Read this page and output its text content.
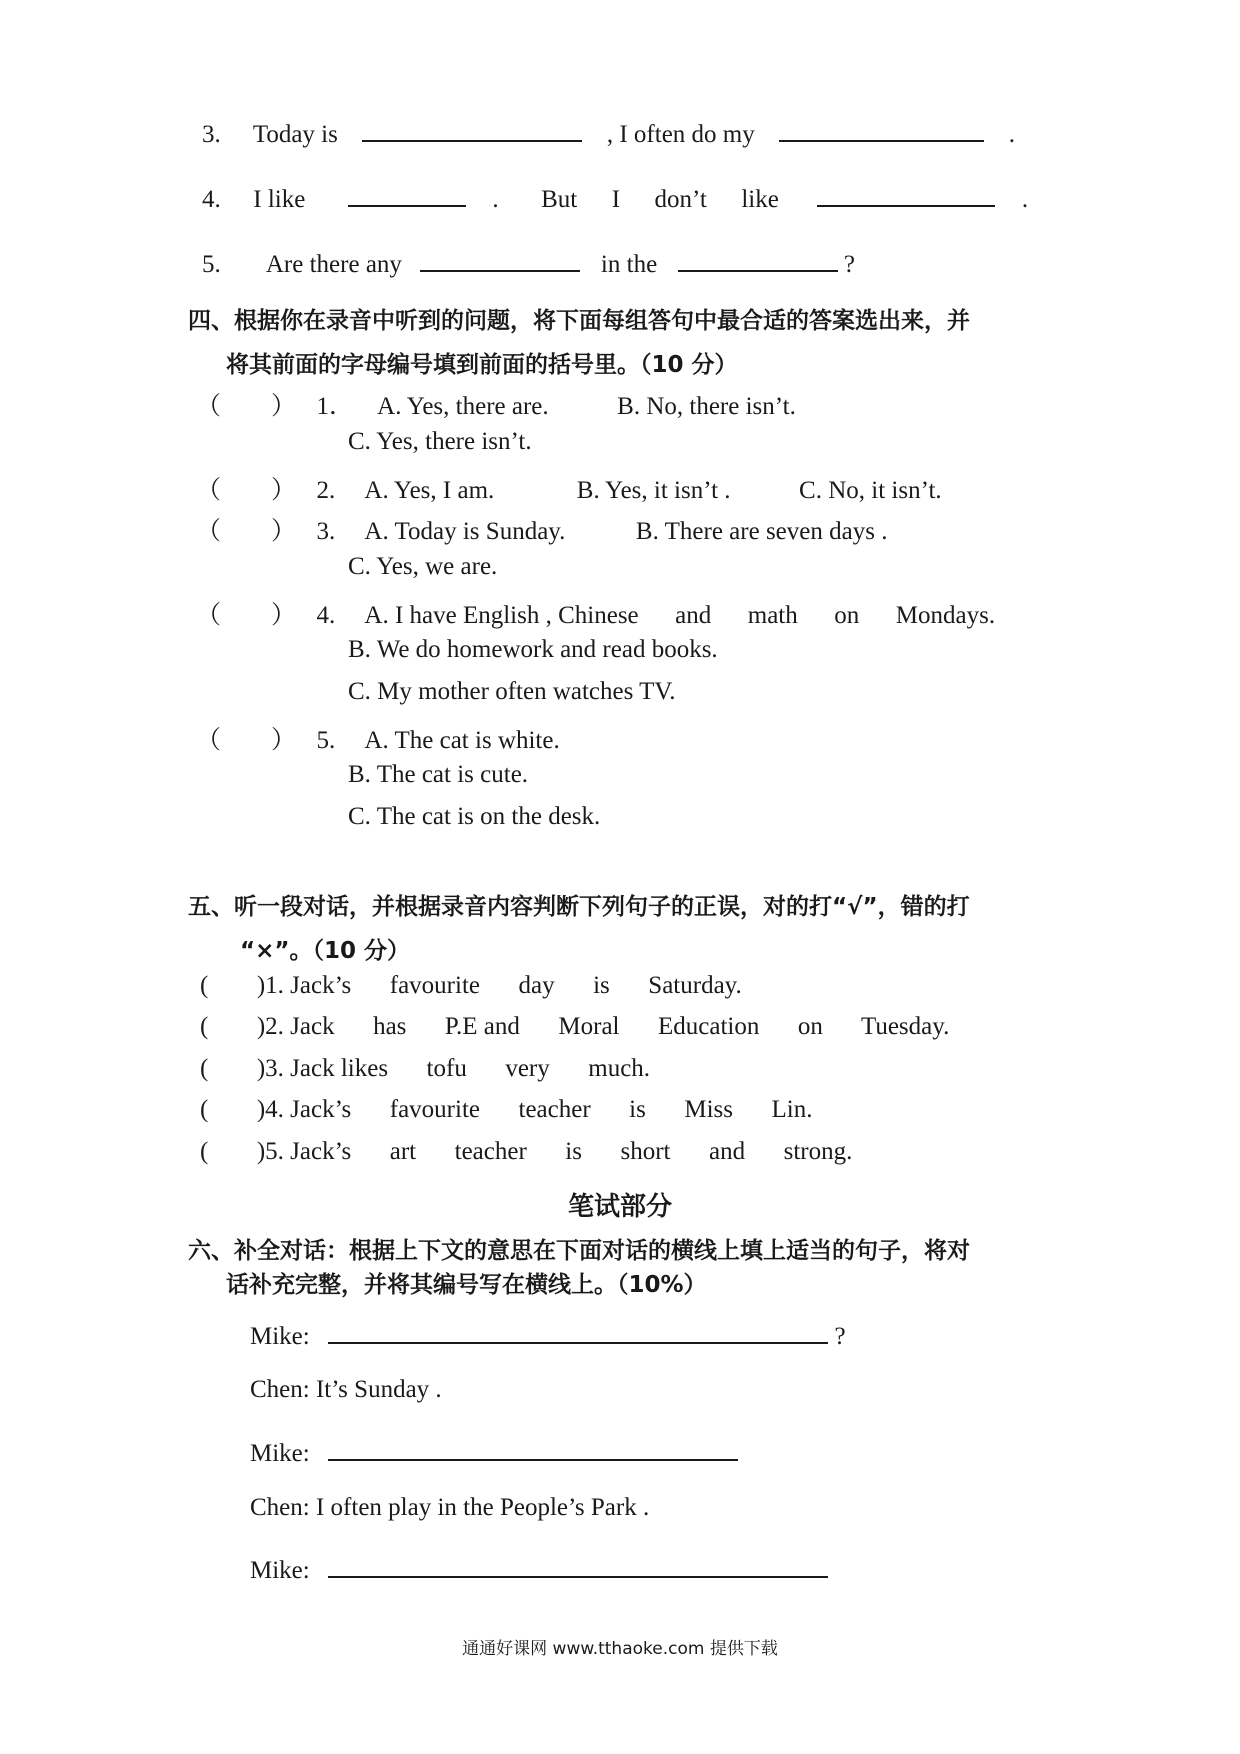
3. Today is	, I often do my	.
4. I like	. But I don’t like	.
5. Are there any	in the	?
四、根据你在录音中听到的问题，将下面每组答句中最合适的答案选出来，并
将其前面的字母编号填到前面的括号里。（10 分）
（　　） 1． A. Yes, there are.	B. No, there isn’t.
C. Yes, there isn’t.
（　　） 2. A. Yes, I am.	B. Yes, it isn’t .	C. No, it isn’t.
（　　） 3. A. Today is Sunday.	B. There are seven days .
C. Yes, we are.
（　　） 4. A. I have English , Chinese and math on Mondays.
B. We do homework and read books.
C. My mother often watches TV.
（　　） 5. A. The cat is white.
B. The cat is cute.
C. The cat is on the desk.
五、听一段对话，并根据录音内容判断下列句子的正误，对的打“√”，错的打
“×”。（10 分）
( )1. Jack’s favourite day is Saturday.
( )2. Jack has P.E and Moral Education on Tuesday.
( )3. Jack likes tofu very much.
( )4. Jack’s favourite teacher is Miss Lin.
( )5. Jack’s art teacher is short and strong.
笔试部分
六、补全对话：根据上下文的意思在下面对话的横线上填上适当的句子，将对
话补充完整，并将其编号写在横线上。（10%）
Mike:	?
Chen: It’s Sunday .
Mike:
Chen: I often play in the People’s Park .
Mike:
通通好课网 www.tthaoke.com 提供下载
